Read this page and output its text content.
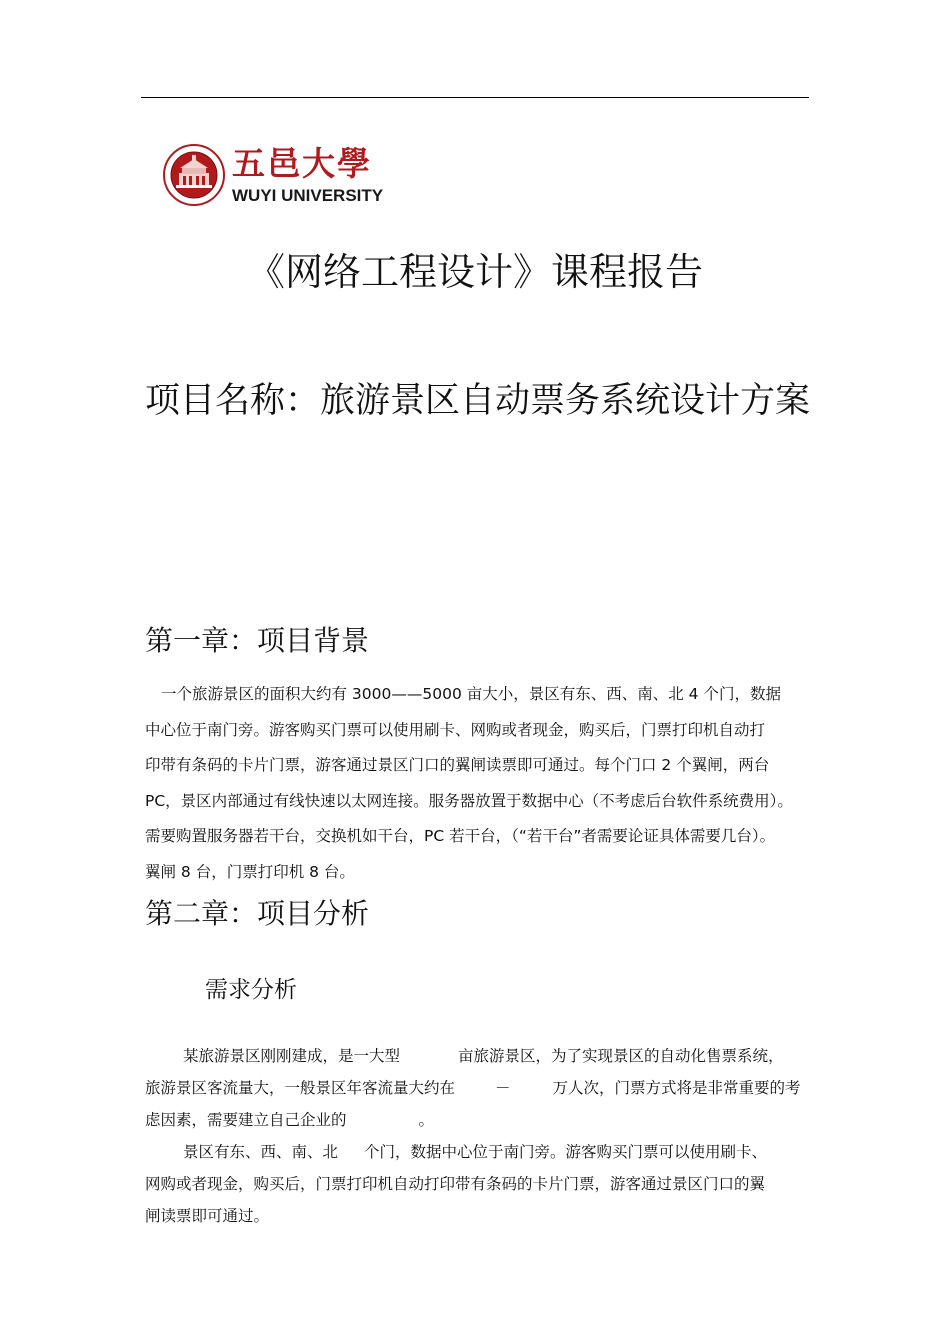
五邑大學
WUYI UNIVERSITY
《网络工程设计》课程报告
项目名称：旅游景区自动票务系统设计方案
第一章：项目背景
一个旅游景区的面积大约有 3000——5000 亩大小，景区有东、西、南、北 4 个门，数据
中心位于南门旁。游客购买门票可以使用刷卡、网购或者现金，购买后，门票打印机自动打
印带有条码的卡片门票，游客通过景区门口的翼闸读票即可通过。每个门口 2 个翼闸，两台
PC，景区内部通过有线快速以太网连接。服务器放置于数据中心（不考虑后台软件系统费用）。
需要购置服务器若干台，交换机如干台，PC 若干台，（“若干台”者需要论证具体需要几台）。
翼闸 8 台，门票打印机 8 台。
第二章：项目分析
需求分析
某旅游景区刚刚建成，是一大型	亩旅游景区，为了实现景区的自动化售票系统，
旅游景区客流量大，一般景区年客流量大约在	－	万人次，门票方式将是非常重要的考
虑因素，需要建立自己企业的	。
景区有东、西、南、北 个门，数据中心位于南门旁。游客购买门票可以使用刷卡、
网购或者现金，购买后，门票打印机自动打印带有条码的卡片门票，游客通过景区门口的翼
闸读票即可通过。
